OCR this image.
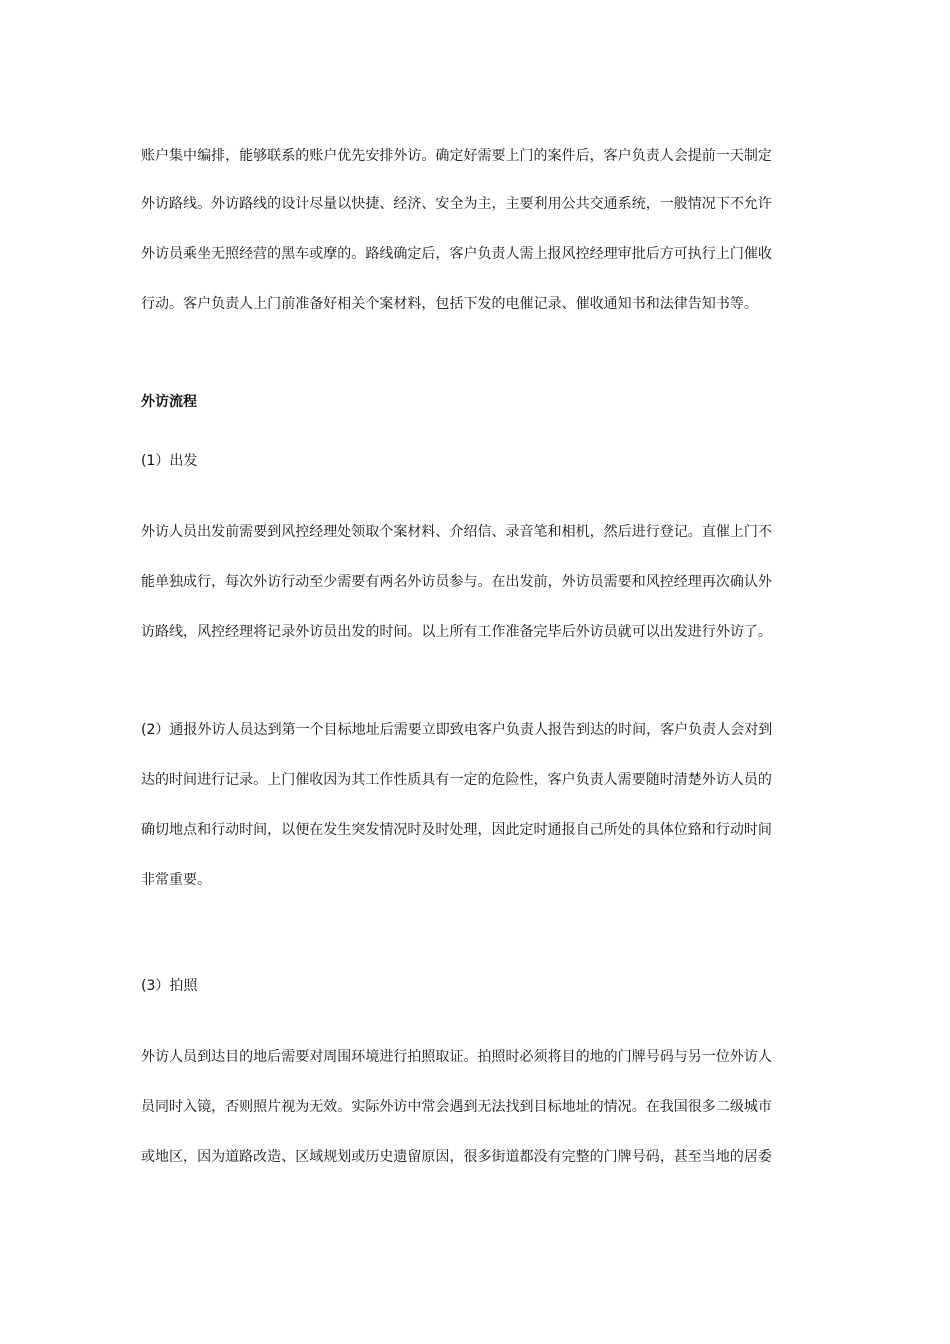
账户集中编排，能够联系的账户优先安排外访。确定好需要上门的案件后，客户负责人会提前一天制定
外访路线。外访路线的设计尽量以快捷、经济、安全为主，主要利用公共交通系统，一般情况下不允许
外访员乘坐无照经营的黑车或摩的。路线确定后，客户负责人需上报风控经理审批后方可执行上门催收
行动。客户负责人上门前准备好相关个案材料，包括下发的电催记录、催收通知书和法律告知书等。
外访流程
(1）出发
外访人员出发前需要到风控经理处领取个案材料、介绍信、录音笔和相机，然后进行登记。直催上门不
能单独成行，每次外访行动至少需要有两名外访员参与。在出发前，外访员需要和风控经理再次确认外
访路线，风控经理将记录外访员出发的时间。以上所有工作准备完毕后外访员就可以出发进行外访了。
(2）通报外访人员达到第一个目标地址后需要立即致电客户负责人报告到达的时间，客户负责人会对到
达的时间进行记录。上门催收因为其工作性质具有一定的危险性，客户负责人需要随时清楚外访人员的
确切地点和行动时间，以便在发生突发情况时及时处理，因此定时通报自己所处的具体位臵和行动时间
非常重要。
(3）拍照
外访人员到达目的地后需要对周围环境进行拍照取证。拍照时必须将目的地的门牌号码与另一位外访人
员同时入镜，否则照片视为无效。实际外访中常会遇到无法找到目标地址的情况。在我国很多二级城市
或地区，因为道路改造、区域规划或历史遗留原因，很多街道都没有完整的门牌号码，甚至当地的居委
